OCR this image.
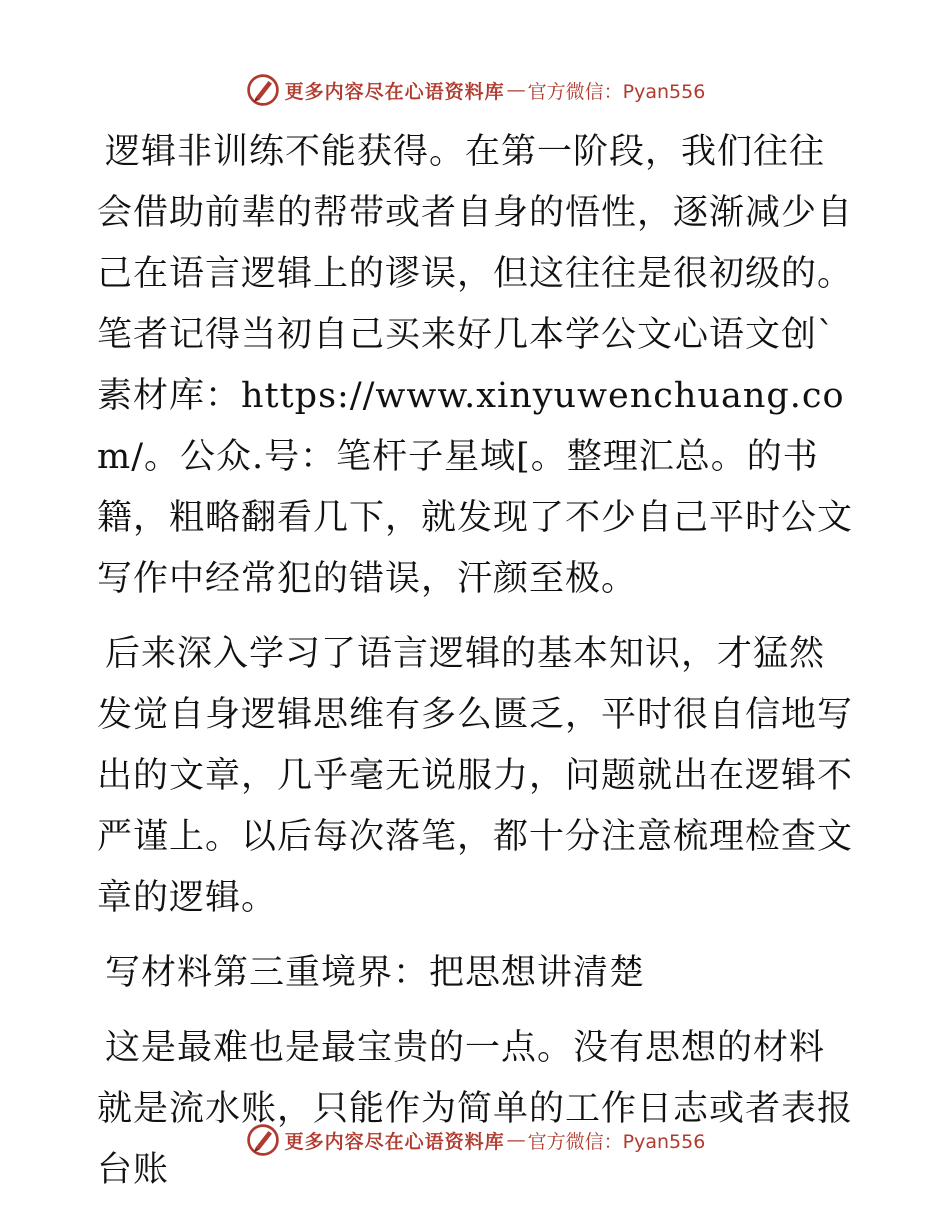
更多内容尽在心语资料库 — 官方微信：Pyan556

逻辑非训练不能获得。在第一阶段，我们往往会借助前辈的帮带或者自身的悟性，逐渐减少自己在语言逻辑上的谬误，但这往往是很初级的。笔者记得当初自己买来好几本学公文心语文创`素材库：https://www.xinyuwenchuang.com/。公众.号：笔杆子星域[。整理汇总。的书籍，粗略翻看几下，就发现了不少自己平时公文写作中经常犯的错误，汗颜至极。

后来深入学习了语言逻辑的基本知识，才猛然发觉自身逻辑思维有多么匮乏，平时很自信地写出的文章，几乎毫无说服力，问题就出在逻辑不严谨上。以后每次落笔，都十分注意梳理检查文章的逻辑。

写材料第三重境界：把思想讲清楚

这是最难也是最宝贵的一点。没有思想的材料就是流水账，只能作为简单的工作日志或者表报台账

更多内容尽在心语资料库 — 官方微信：Pyan556
